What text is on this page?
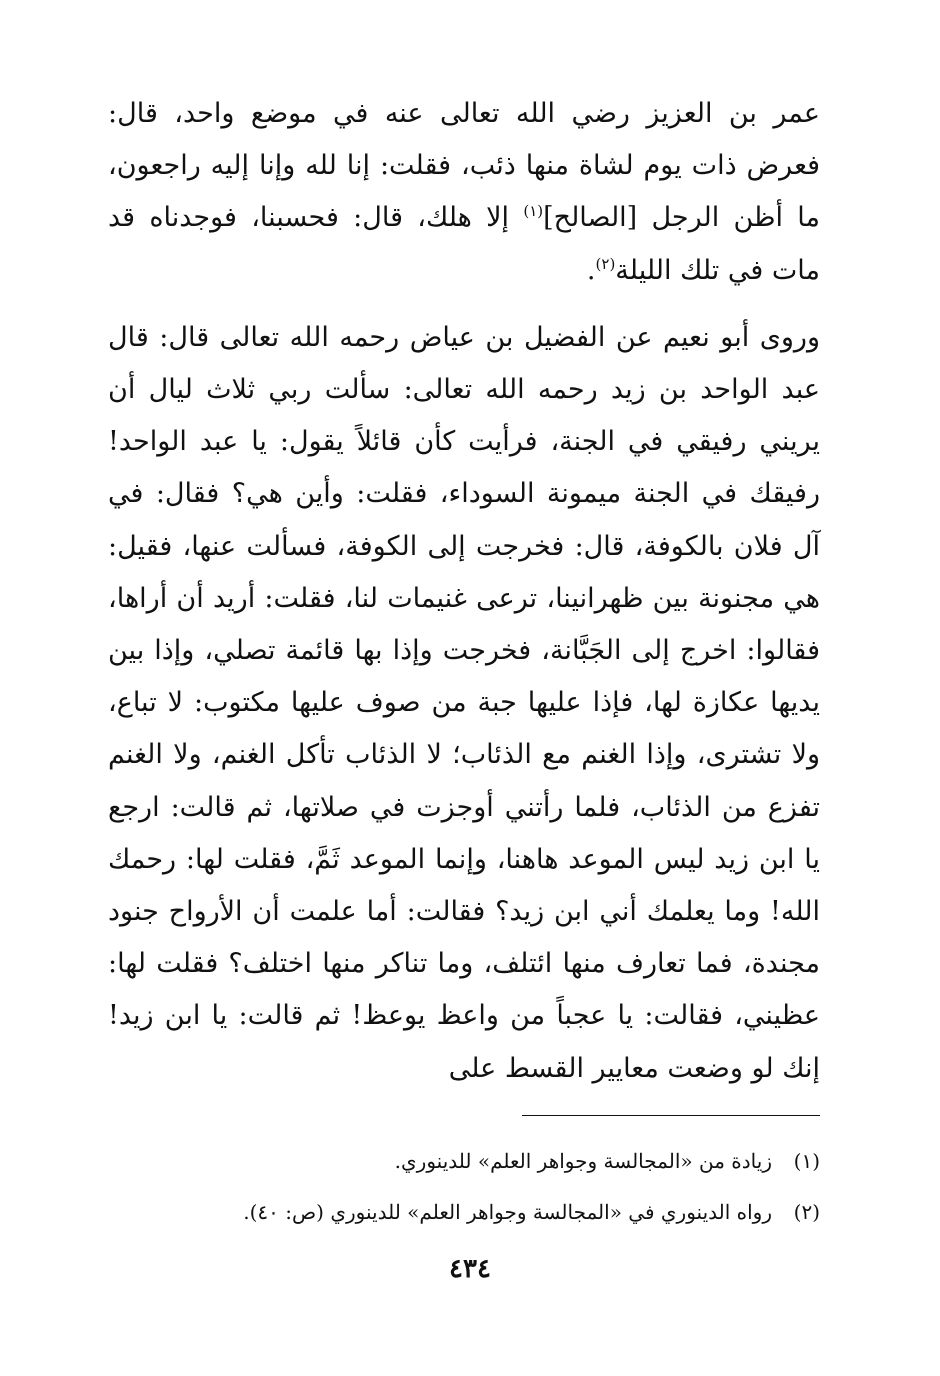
عمر بن العزيز رضي الله تعالى عنه في موضع واحد، قال: فعرض ذات يوم لشاة منها ذئب، فقلت: إنا لله وإنا إليه راجعون، ما أظن الرجل [الصالح]$^{(١)}$ إلا هلك، قال: فحسبنا، فوجدناه قد مات في تلك الليلة$^{(٢)}$.

وروى أبو نعيم عن الفضيل بن عياض رحمه الله تعالى قال: قال عبد الواحد بن زيد رحمه الله تعالى: سألت ربي ثلاث ليال أن يريني رفيقي في الجنة، فرأيت كأن قائلاً يقول: يا عبد الواحد! رفيقك في الجنة ميمونة السوداء، فقلت: وأين هي؟ فقال: في آل فلان بالكوفة، قال: فخرجت إلى الكوفة، فسألت عنها، فقيل: هي مجنونة بين ظهرانينا، ترعى غنيمات لنا، فقلت: أريد أن أراها، فقالوا: اخرج إلى الجَبَّانة، فخرجت وإذا بها قائمة تصلي، وإذا بين يديها عكازة لها، فإذا عليها جبة من صوف عليها مكتوب: لا تباع، ولا تشترى، وإذا الغنم مع الذئاب؛ لا الذئاب تأكل الغنم، ولا الغنم تفزع من الذئاب، فلما رأتني أوجزت في صلاتها، ثم قالت: ارجع يا ابن زيد ليس الموعد هاهنا، وإنما الموعد ثَمَّ، فقلت لها: رحمك الله! وما يعلمك أني ابن زيد؟ فقالت: أما علمت أن الأرواح جنود مجندة، فما تعارف منها ائتلف، وما تناكر منها اختلف؟ فقلت لها: عظيني، فقالت: يا عجباً من واعظ يوعظ! ثم قالت: يا ابن زيد! إنك لو وضعت معايير القسط على

(١)
زيادة من «المجالسة وجواهر العلم» للدينوري.
(٢)
رواه الدينوري في «المجالسة وجواهر العلم» للدينوري (ص: ٤٠).
٤٣٤
